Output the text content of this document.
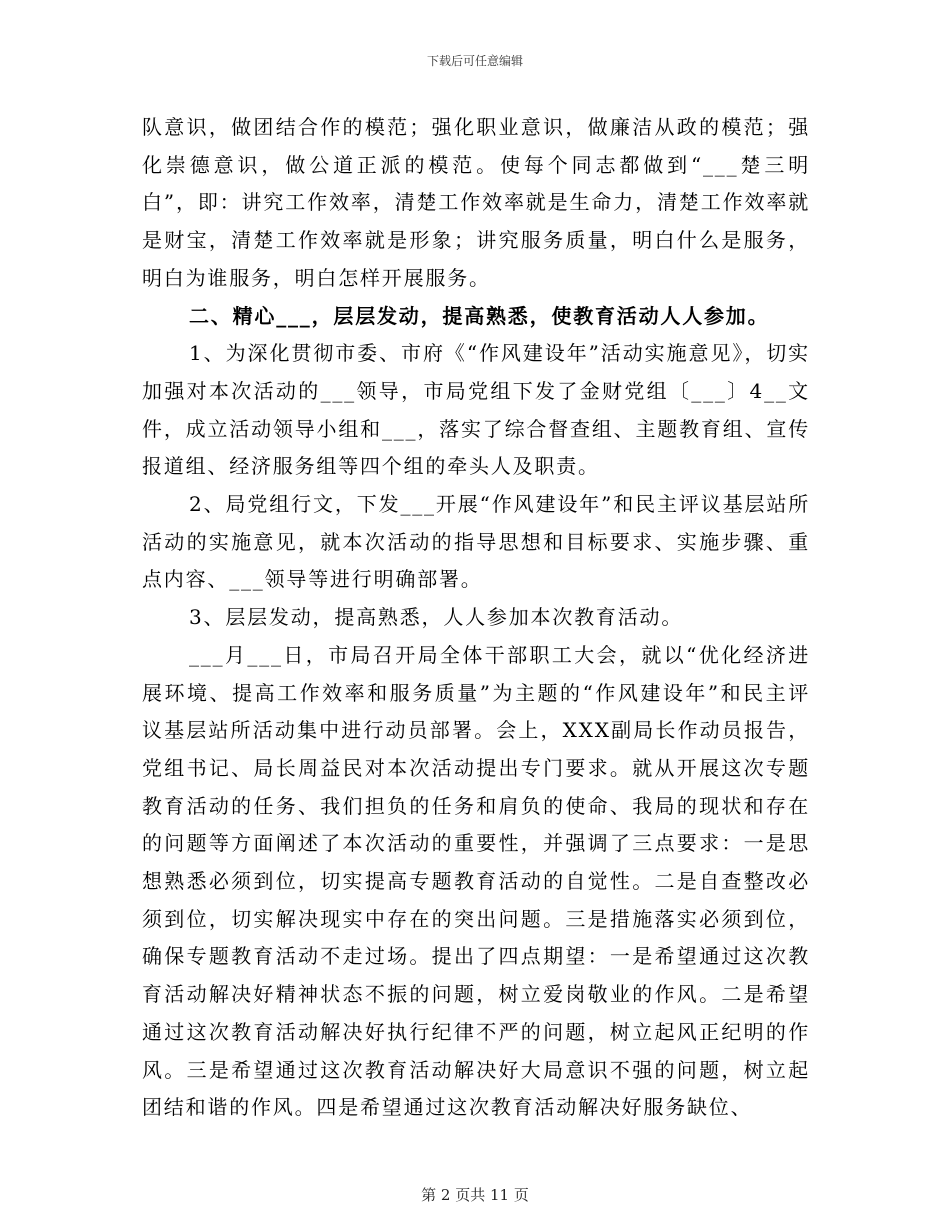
下载后可任意编辑

队意识，做团结合作的模范；强化职业意识，做廉洁从政的模范；强化崇德意识，做公道正派的模范。使每个同志都做到“___楚三明白”，即：讲究工作效率，清楚工作效率就是生命力，清楚工作效率就是财宝，清楚工作效率就是形象；讲究服务质量，明白什么是服务，明白为谁服务，明白怎样开展服务。

二、精心___，层层发动，提高熟悉，使教育活动人人参加。

1、为深化贯彻市委、市府《“作风建设年”活动实施意见》，切实加强对本次活动的___领导，市局党组下发了金财党组〔___〕4__文件，成立活动领导小组和___，落实了综合督查组、主题教育组、宣传报道组、经济服务组等四个组的牵头人及职责。

2、局党组行文，下发___开展“作风建设年”和民主评议基层站所活动的实施意见，就本次活动的指导思想和目标要求、实施步骤、重点内容、___领导等进行明确部署。

3、层层发动，提高熟悉，人人参加本次教育活动。

___月___日，市局召开局全体干部职工大会，就以“优化经济进展环境、提高工作效率和服务质量”为主题的“作风建设年”和民主评议基层站所活动集中进行动员部署。会上，XXX副局长作动员报告，党组书记、局长周益民对本次活动提出专门要求。就从开展这次专题教育活动的任务、我们担负的任务和肩负的使命、我局的现状和存在的问题等方面阐述了本次活动的重要性，并强调了三点要求：一是思想熟悉必须到位，切实提高专题教育活动的自觉性。二是自查整改必须到位，切实解决现实中存在的突出问题。三是措施落实必须到位，确保专题教育活动不走过场。提出了四点期望：一是希望通过这次教育活动解决好精神状态不振的问题，树立爱岗敬业的作风。二是希望通过这次教育活动解决好执行纪律不严的问题，树立起风正纪明的作风。三是希望通过这次教育活动解决好大局意识不强的问题，树立起团结和谐的作风。四是希望通过这次教育活动解决好服务缺位、

第 2 页共 11 页
